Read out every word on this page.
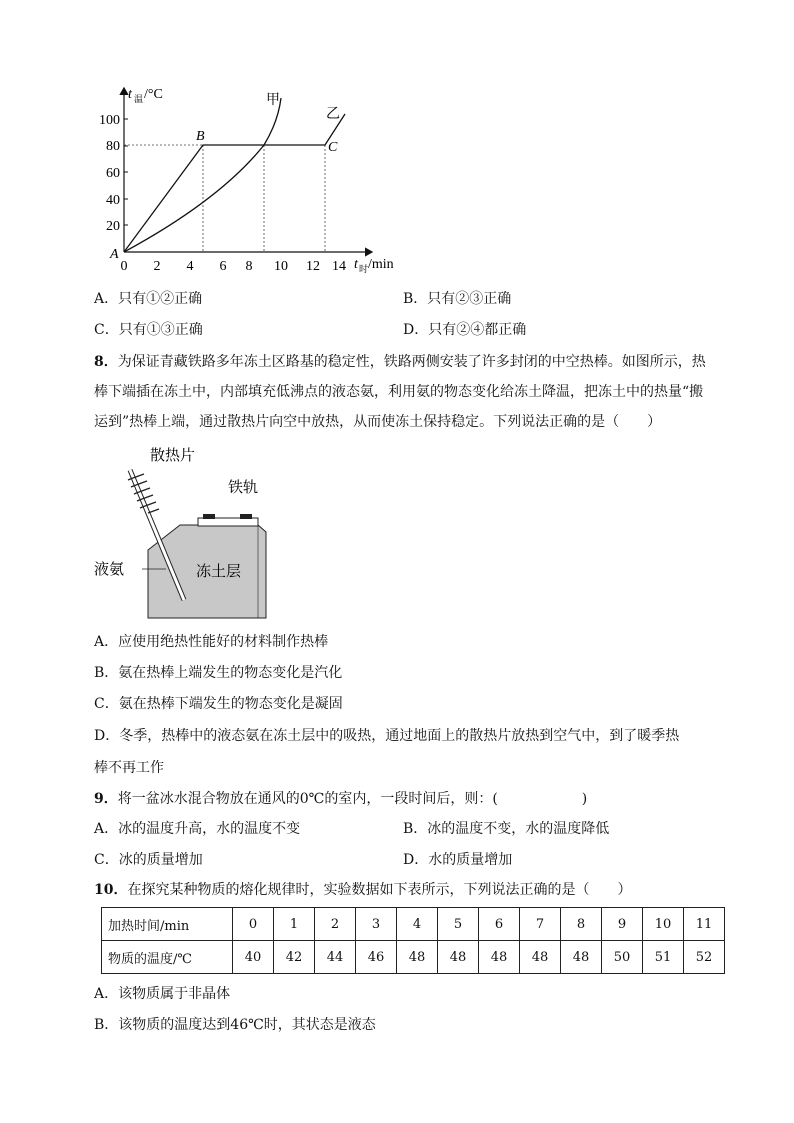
t 温 /°C
t 时 /min
20
40
60
80
100
0 2 4 6 8 10 12 14
A
B
C
甲
乙
A．只有①②正确	B．只有②③正确
C．只有①③正确	D．只有②④都正确
8．为保证青藏铁路多年冻土区路基的稳定性，铁路两侧安装了许多封闭的中空热棒。如图所示，热
棒下端插在冻土中，内部填充低沸点的液态氨，利用氨的物态变化给冻土降温，把冻土中的热量“搬
运到”热棒上端，通过散热片向空中放热，从而使冻土保持稳定。下列说法正确的是（　　）
散热片
铁轨
液氨	冻土层
A．应使用绝热性能好的材料制作热棒
B．氨在热棒上端发生的物态变化是汽化
C．氨在热棒下端发生的物态变化是凝固
D．冬季，热棒中的液态氨在冻土层中的吸热，通过地面上的散热片放热到空气中，到了暖季热
棒不再工作
9．将一盆冰水混合物放在通风的0℃的室内，一段时间后，则：(　　　　　　)
A．冰的温度升高，水的温度不变	B．冰的温度不变，水的温度降低
C．冰的质量增加	D．水的质量增加
10．在探究某种物质的熔化规律时，实验数据如下表所示，下列说法正确的是（　　）
加热时间/min	0	1	2	3	4	5	6	7	8	9	10	11
物质的温度/℃	40	42	44	46	48	48	48	48	48	50	51	52
A．该物质属于非晶体
B．该物质的温度达到46℃时，其状态是液态
